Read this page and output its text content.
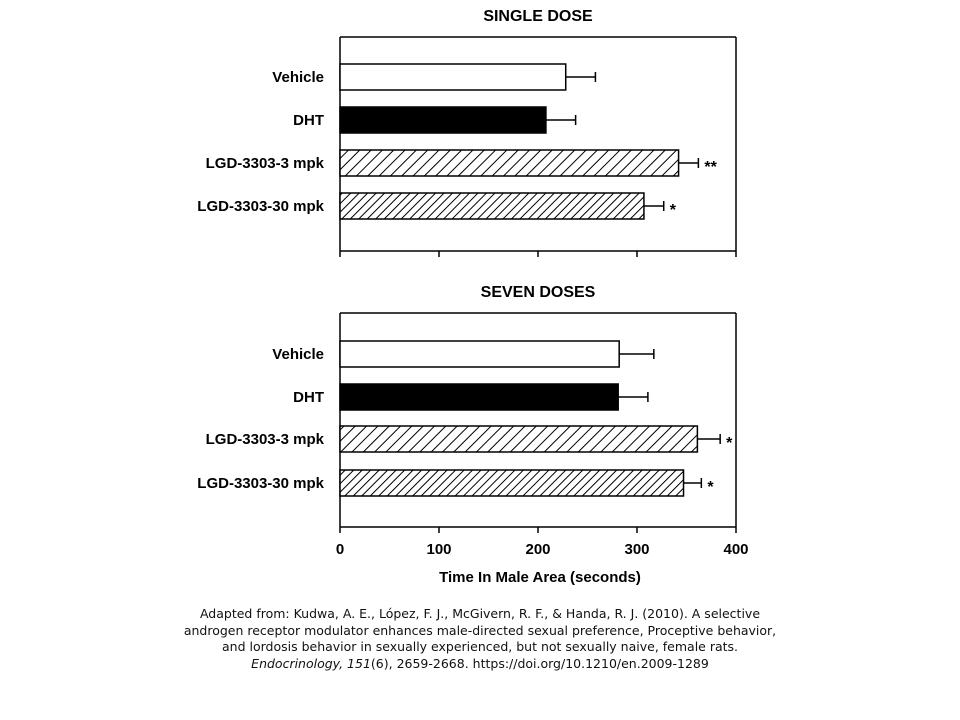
SINGLE DOSE
Vehicle
DHT
LGD-3303-3 mpk	**
LGD-3303-30 mpk	*
SEVEN DOSES
0	100	200	300	400
Time In Male Area (seconds)
Vehicle
DHT
LGD-3303-3 mpk	*
LGD-3303-30 mpk	*
Adapted from: Kudwa, A. E., López, F. J., McGivern, R. F., & Handa, R. J. (2010). A selective
androgen receptor modulator enhances male-directed sexual preference, Proceptive behavior,
and lordosis behavior in sexually experienced, but not sexually naive, female rats.
Endocrinology, 151(6), 2659-2668. https://doi.org/10.1210/en.2009-1289
